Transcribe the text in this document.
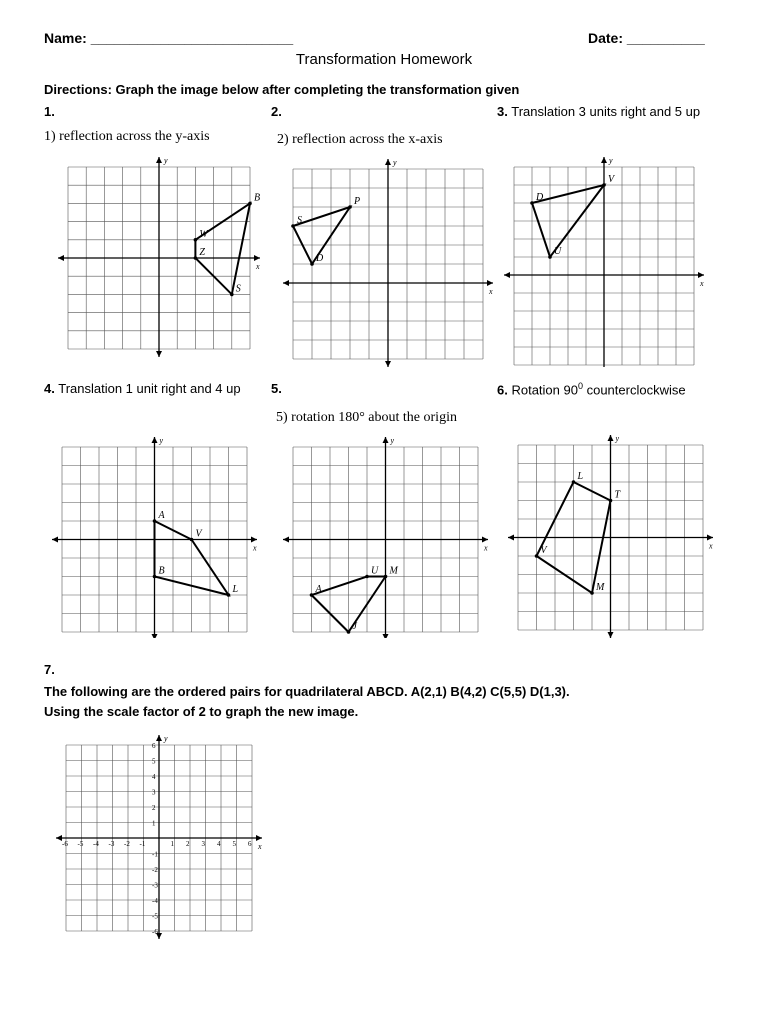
Name: __________________________	Date: __________
Transformation Homework
Directions: Graph the image below after completing the transformation given
1.
1) reflection across the y-axis
2.
2) reflection across the x-axis
3. Translation 3 units right and 5 up
4. Translation 1 unit right and 4 up 5.
5) rotation 180° about the origin
6. Rotation $90^0$ counterclockwise
x
y
B
W
Z
S	x
y
P
S
D
x
y
D
V
U
x
y
A
V
B
L
x
y
U M
A
J
x
y
L
T
V
M
7.
The following are the ordered pairs for quadrilateral ABCD. A(2,1) B(4,2) C(5,5) D(1,3).
Using the scale factor of 2 to graph the new image.
x
y
-6 -5 -4 -3 -2 -1	1 2 3 4 5 6
6
5
4
3
2
1
-1
-2
-3
-4
-5
-6
